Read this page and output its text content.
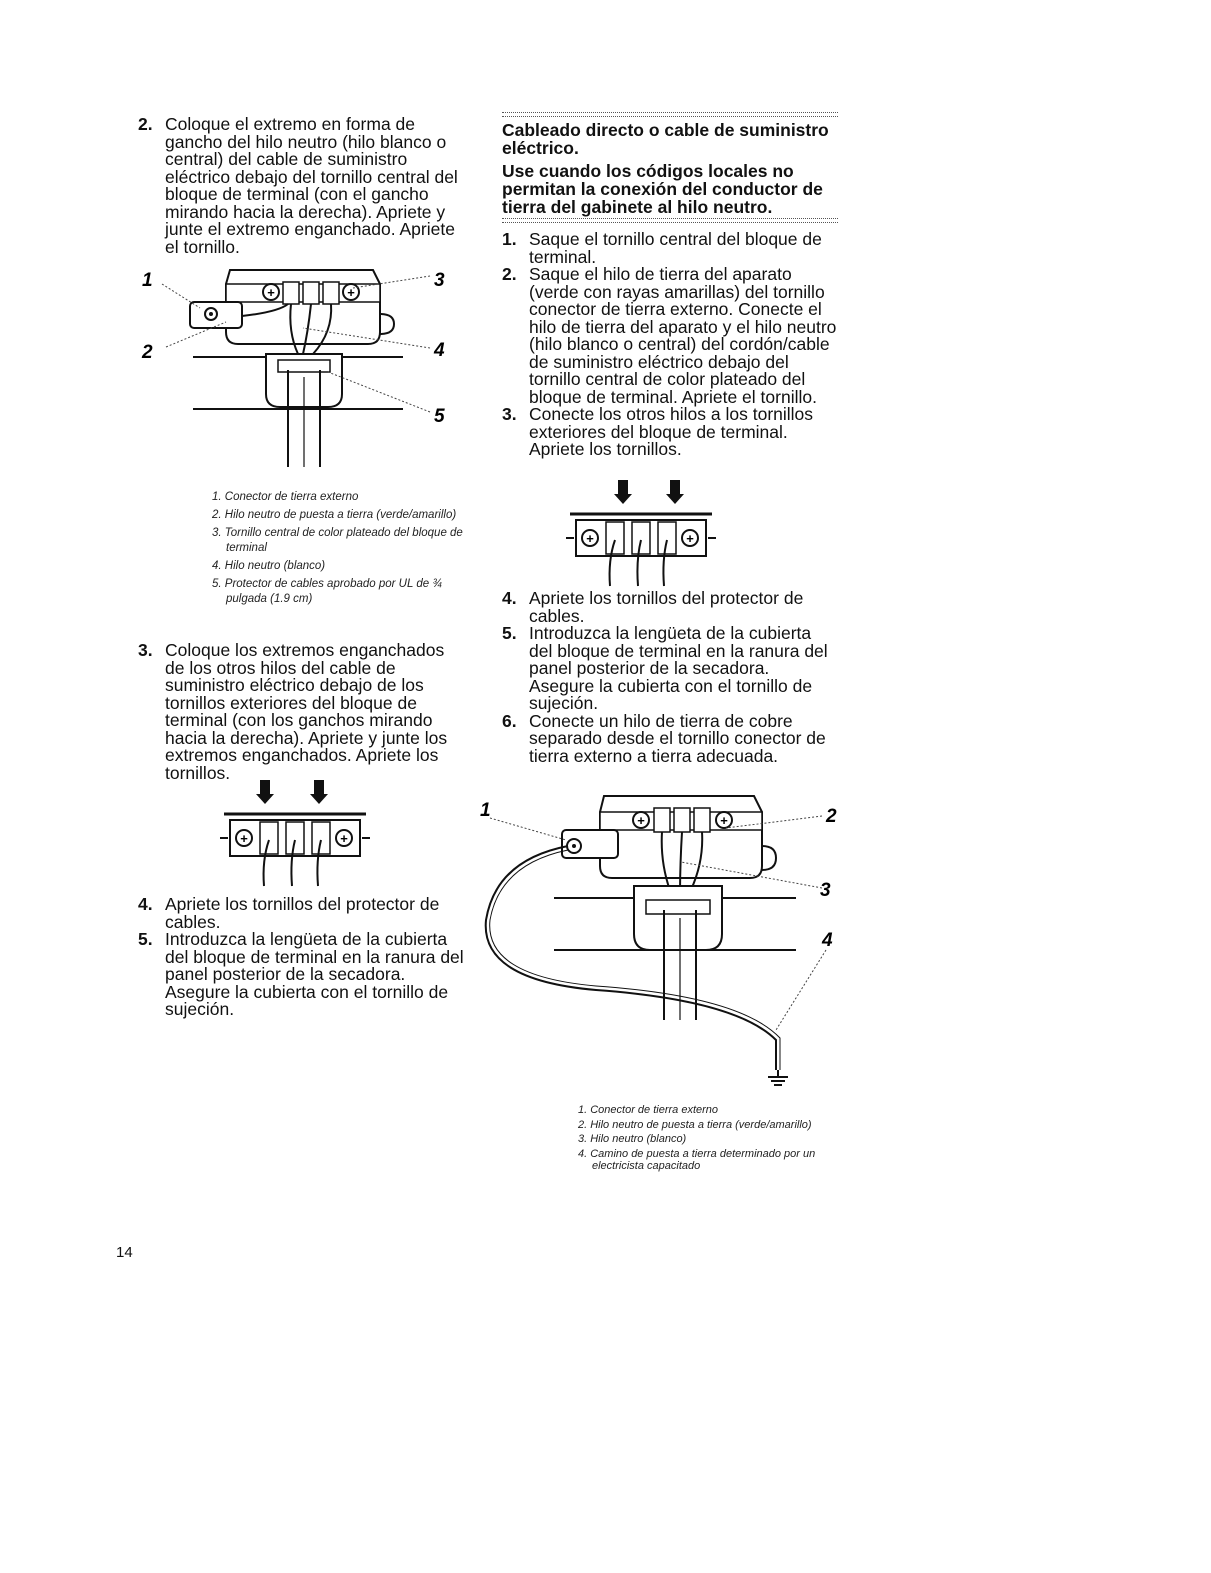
2. Coloque el extremo en forma de gancho del hilo neutro (hilo blanco o central) del cable de suministro eléctrico debajo del tornillo central del bloque de terminal (con el gancho mirando hacia la derecha). Apriete y junte el extremo enganchado. Apriete el tornillo.
+	+
1
2
3
4
5
1. Conector de tierra externo
2. Hilo neutro de puesta a tierra (verde/amarillo)
3. Tornillo central de color plateado del bloque de terminal
4. Hilo neutro (blanco)
5. Protector de cables aprobado por UL de ¾ pulgada (1.9 cm)
3. Coloque los extremos enganchados de los otros hilos del cable de suministro eléctrico debajo de los tornillos exteriores del bloque de terminal (con los ganchos mirando hacia la derecha). Apriete y junte los extremos enganchados. Apriete los tornillos.
+	+
4. Apriete los tornillos del protector de cables.
5. Introduzca la lengüeta de la cubierta del bloque de terminal en la ranura del panel posterior de la secadora. Asegure la cubierta con el tornillo de sujeción.
Cableado directo o cable de suministro eléctrico.
Use cuando los códigos locales no permitan la conexión del conductor de tierra del gabinete al hilo neutro.
1. Saque el tornillo central del bloque de terminal.
2. Saque el hilo de tierra del aparato (verde con rayas amarillas) del tornillo conector de tierra externo. Conecte el hilo de tierra del aparato y el hilo neutro (hilo blanco o central) del cordón/cable de suministro eléctrico debajo del tornillo central de color plateado del bloque de terminal. Apriete el tornillo.
3. Conecte los otros hilos a los tornillos exteriores del bloque de terminal. Apriete los tornillos.
+	+
4. Apriete los tornillos del protector de cables.
5. Introduzca la lengüeta de la cubierta del bloque de terminal en la ranura del panel posterior de la secadora. Asegure la cubierta con el tornillo de sujeción.
6. Conecte un hilo de tierra de cobre separado desde el tornillo conector de tierra externo a tierra adecuada.
+	+
1	2
3
4
1. Conector de tierra externo
2. Hilo neutro de puesta a tierra (verde/amarillo)
3. Hilo neutro (blanco)
4. Camino de puesta a tierra determinado por un electricista capacitado
14
